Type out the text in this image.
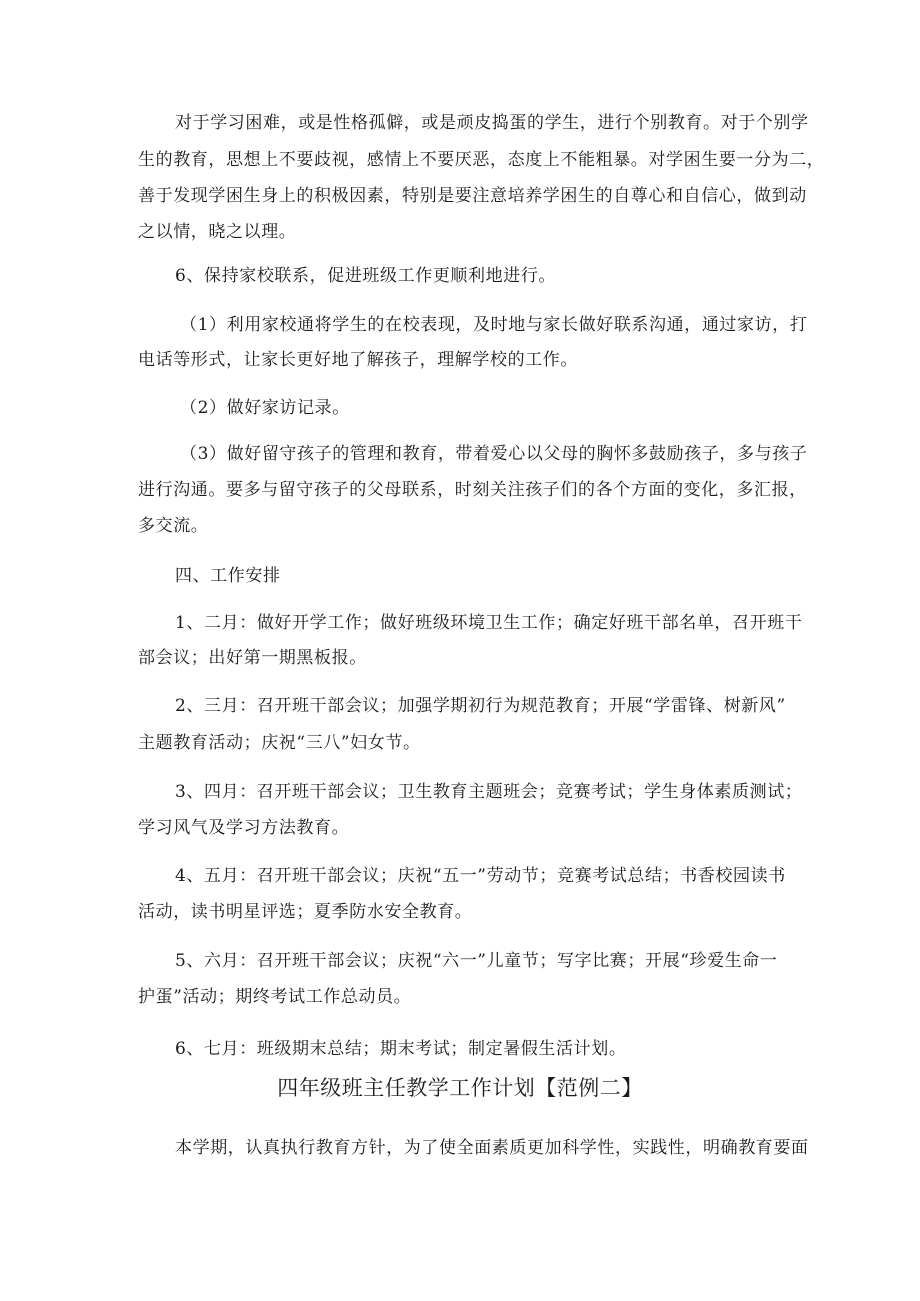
对于学习困难，或是性格孤僻，或是顽皮捣蛋的学生，进行个别教育。对于个别学
生的教育，思想上不要歧视，感情上不要厌恶，态度上不能粗暴。对学困生要一分为二，
善于发现学困生身上的积极因素，特别是要注意培养学困生的自尊心和自信心，做到动
之以情，晓之以理。
6、保持家校联系，促进班级工作更顺利地进行。
（1）利用家校通将学生的在校表现，及时地与家长做好联系沟通，通过家访，打
电话等形式，让家长更好地了解孩子，理解学校的工作。
（2）做好家访记录。
（3）做好留守孩子的管理和教育，带着爱心以父母的胸怀多鼓励孩子，多与孩子
进行沟通。要多与留守孩子的父母联系，时刻关注孩子们的各个方面的变化，多汇报，
多交流。
四、工作安排
1、二月：做好开学工作；做好班级环境卫生工作；确定好班干部名单，召开班干
部会议；出好第一期黑板报。
2、三月：召开班干部会议；加强学期初行为规范教育；开展“学雷锋、树新风”
主题教育活动；庆祝“三八”妇女节。
3、四月：召开班干部会议；卫生教育主题班会；竞赛考试；学生身体素质测试；
学习风气及学习方法教育。
4、五月：召开班干部会议；庆祝“五一”劳动节；竞赛考试总结；书香校园读书
活动，读书明星评选；夏季防水安全教育。
5、六月：召开班干部会议；庆祝“六一”儿童节；写字比赛；开展“珍爱生命一
护蛋”活动；期终考试工作总动员。
6、七月：班级期末总结；期末考试；制定暑假生活计划。
四年级班主任教学工作计划【范例二】
本学期，认真执行教育方针，为了使全面素质更加科学性，实践性，明确教育要面
